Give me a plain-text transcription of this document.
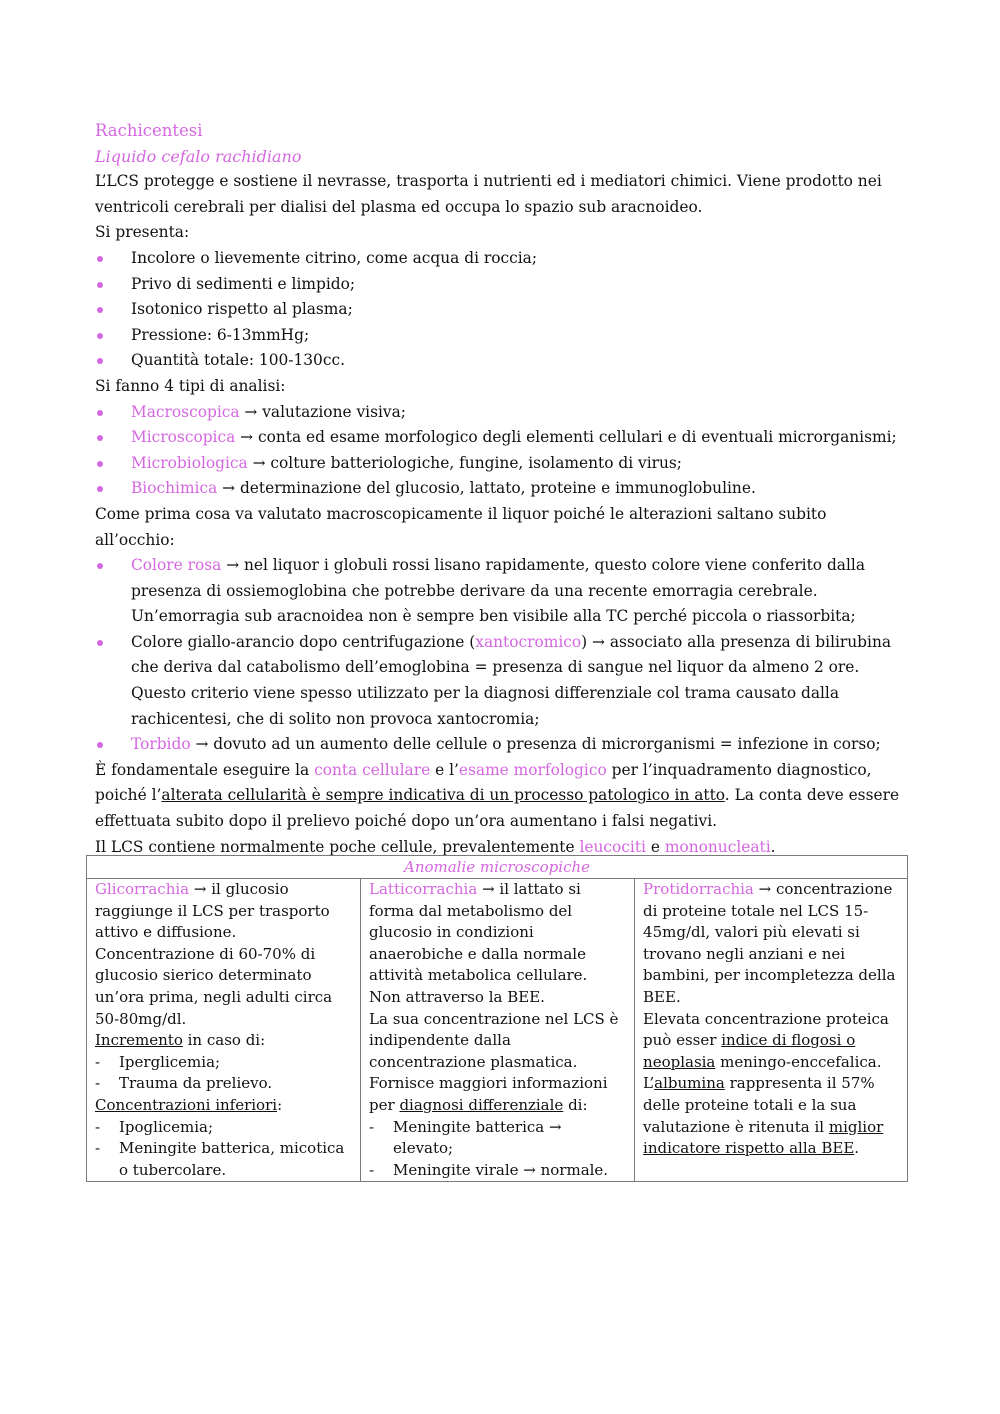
Rachicentesi

Liquido cefalo rachidiano

L’LCS protegge e sostiene il nevrasse, trasporta i nutrienti ed i mediatori chimici. Viene prodotto nei ventricoli cerebrali per dialisi del plasma ed occupa lo spazio sub aracnoideo.

Si presenta:

Incolore o lievemente citrino, come acqua di roccia;
Privo di sedimenti e limpido;
Isotonico rispetto al plasma;
Pressione: 6-13mmHg;
Quantità totale: 100-130cc.

Si fanno 4 tipi di analisi:

Macroscopica → valutazione visiva;
Microscopica → conta ed esame morfologico degli elementi cellulari e di eventuali microrganismi;
Microbiologica → colture batteriologiche, fungine, isolamento di virus;
Biochimica → determinazione del glucosio, lattato, proteine e immunoglobuline.

Come prima cosa va valutato macroscopicamente il liquor poiché le alterazioni saltano subito all’occhio:

Colore rosa → nel liquor i globuli rossi lisano rapidamente, questo colore viene conferito dalla presenza di ossiemoglobina che potrebbe derivare da una recente emorragia cerebrale.
Un’emorragia sub aracnoidea non è sempre ben visibile alla TC perché piccola o riassorbita;
Colore giallo-arancio dopo centrifugazione (xantocromico) → associato alla presenza di bilirubina che deriva dal catabolismo dell’emoglobina = presenza di sangue nel liquor da almeno 2 ore.
Questo criterio viene spesso utilizzato per la diagnosi differenziale col trama causato dalla rachicentesi, che di solito non provoca xantocromia;
Torbido → dovuto ad un aumento delle cellule o presenza di microrganismi = infezione in corso;

È fondamentale eseguire la conta cellulare e l’esame morfologico per l’inquadramento diagnostico, poiché l’alterata cellularità è sempre indicativa di un processo patologico in atto. La conta deve essere effettuata subito dopo il prelievo poiché dopo un’ora aumentano i falsi negativi.

Il LCS contiene normalmente poche cellule, prevalentemente leucociti e mononucleati.

Anomalie microscopiche

Glicorrachia → il glucosio raggiunge il LCS per trasporto attivo e diffusione.
Concentrazione di 60-70% di glucosio sierico determinato un’ora prima, negli adulti circa 50-80mg/dl.
Incremento in caso di:
- Iperglicemia;
- Trauma da prelievo.
Concentrazioni inferiori:
- Ipoglicemia;
- Meningite batterica, micotica o tubercolare.

Latticorrachia → il lattato si forma dal metabolismo del glucosio in condizioni anaerobiche e dalla normale attività metabolica cellulare.
Non attraverso la BEE.
La sua concentrazione nel LCS è indipendente dalla concentrazione plasmatica.
Fornisce maggiori informazioni per diagnosi differenziale di:
- Meningite batterica → elevato;
- Meningite virale → normale.

Protidorrachia → concentrazione di proteine totale nel LCS 15-45mg/dl, valori più elevati si trovano negli anziani e nei bambini, per incompletezza della BEE.
Elevata concentrazione proteica può esser indice di flogosi o neoplasia meningo-enccefalica.
L’albumina rappresenta il 57% delle proteine totali e la sua valutazione è ritenuta il miglior indicatore rispetto alla BEE.
